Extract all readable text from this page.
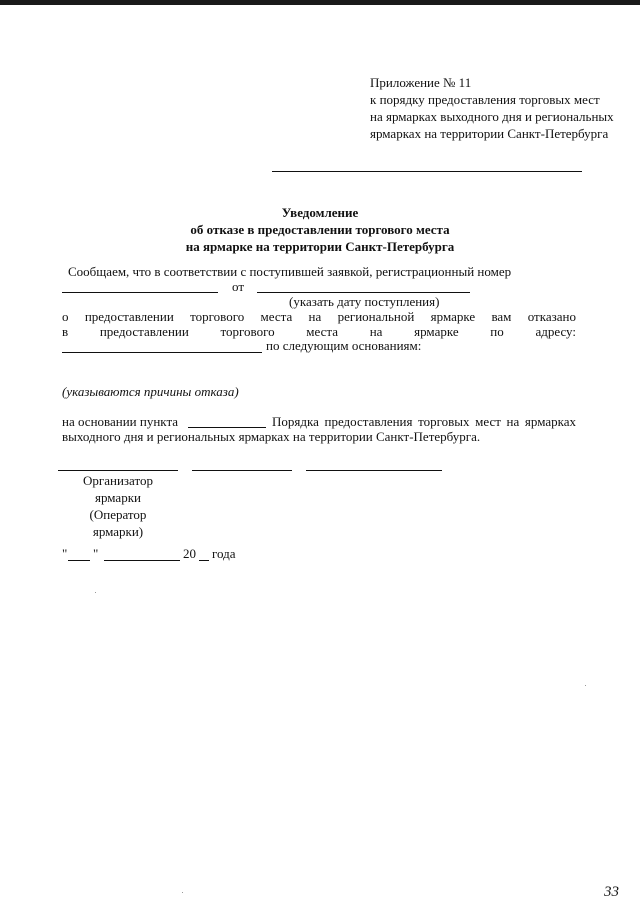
Приложение № 11
к порядку предоставления торговых мест
на ярмарках выходного дня и региональных
ярмарках на территории Санкт-Петербурга
Уведомление
об отказе в предоставлении торгового места
на ярмарке на территории Санкт-Петербурга
Сообщаем, что в соответствии с поступившей заявкой, регистрационный номер
от
(указать дату поступления)
о предоставлении торгового места на региональной ярмарке вам отказано
в предоставлении торгового места на ярмарке по адресу:
по следующим основаниям:
(указываются причины отказа)
на основании пункта	Порядка предоставления торговых мест на ярмарках
выходного дня и региональных ярмарках на территории Санкт-Петербурга.
Организатор
ярмарки
(Оператор
ярмарки)
" "	20 года
33
